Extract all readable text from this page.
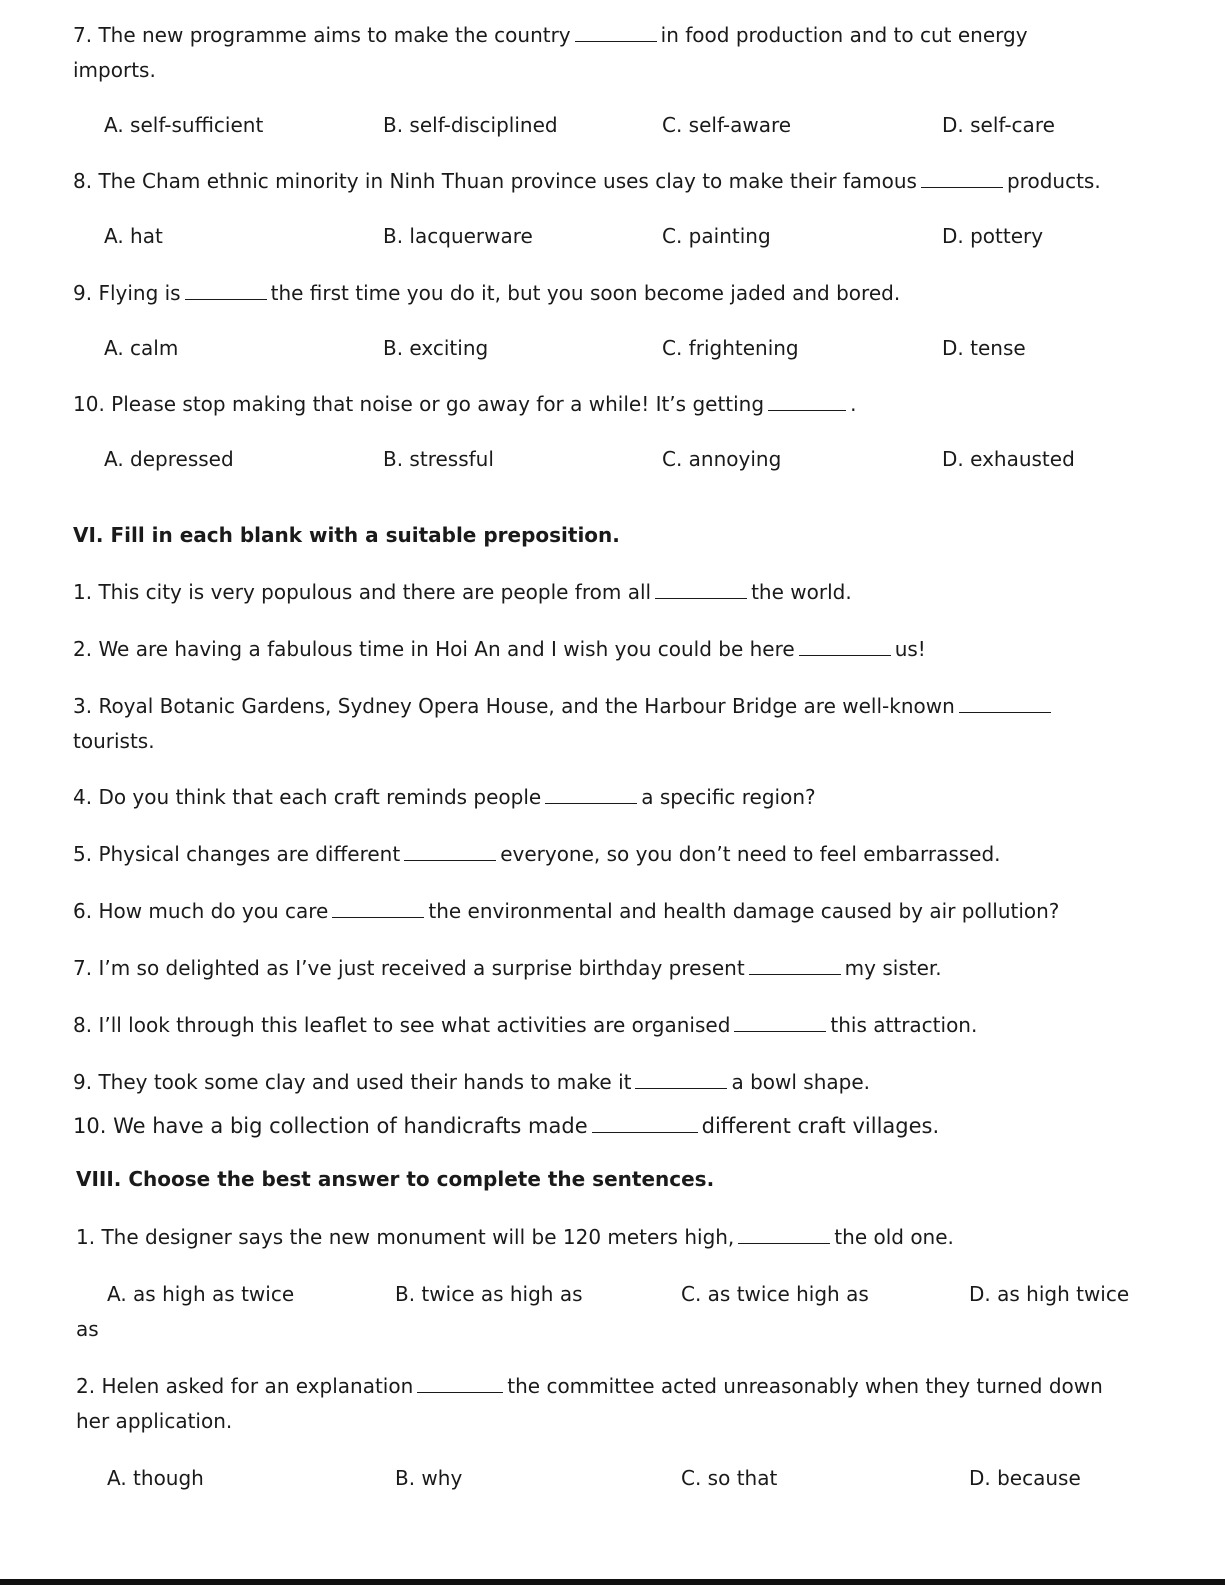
7. The new programme aims to make the country	in food production and to cut energy
imports.
A. self-sufficient	B. self-disciplined	C. self-aware	D. self-care
8. The Cham ethnic minority in Ninh Thuan province uses clay to make their famous	products.
A. hat	B. lacquerware	C. painting	D. pottery
9. Flying is	the first time you do it, but you soon become jaded and bored.
A. calm	B. exciting	C. frightening	D. tense
10. Please stop making that noise or go away for a while! It’s getting	.
A. depressed	B. stressful	C. annoying	D. exhausted
VI. Fill in each blank with a suitable preposition.
1. This city is very populous and there are people from all	the world.
2. We are having a fabulous time in Hoi An and I wish you could be here	us!
3. Royal Botanic Gardens, Sydney Opera House, and the Harbour Bridge are well-known
tourists.
4. Do you think that each craft reminds people	a specific region?
5. Physical changes are different	everyone, so you don’t need to feel embarrassed.
6. How much do you care	the environmental and health damage caused by air pollution?
7. I’m so delighted as I’ve just received a surprise birthday present	my sister.
8. I’ll look through this leaflet to see what activities are organised	this attraction.
9. They took some clay and used their hands to make it	a bowl shape.
10. We have a big collection of handicrafts made	different craft villages.
VIII. Choose the best answer to complete the sentences.
1. The designer says the new monument will be 120 meters high,	the old one.
A. as high as twice	B. twice as high as	C. as twice high as	D. as high twice
as
2. Helen asked for an explanation	the committee acted unreasonably when they turned down
her application.
A. though	B. why	C. so that	D. because
